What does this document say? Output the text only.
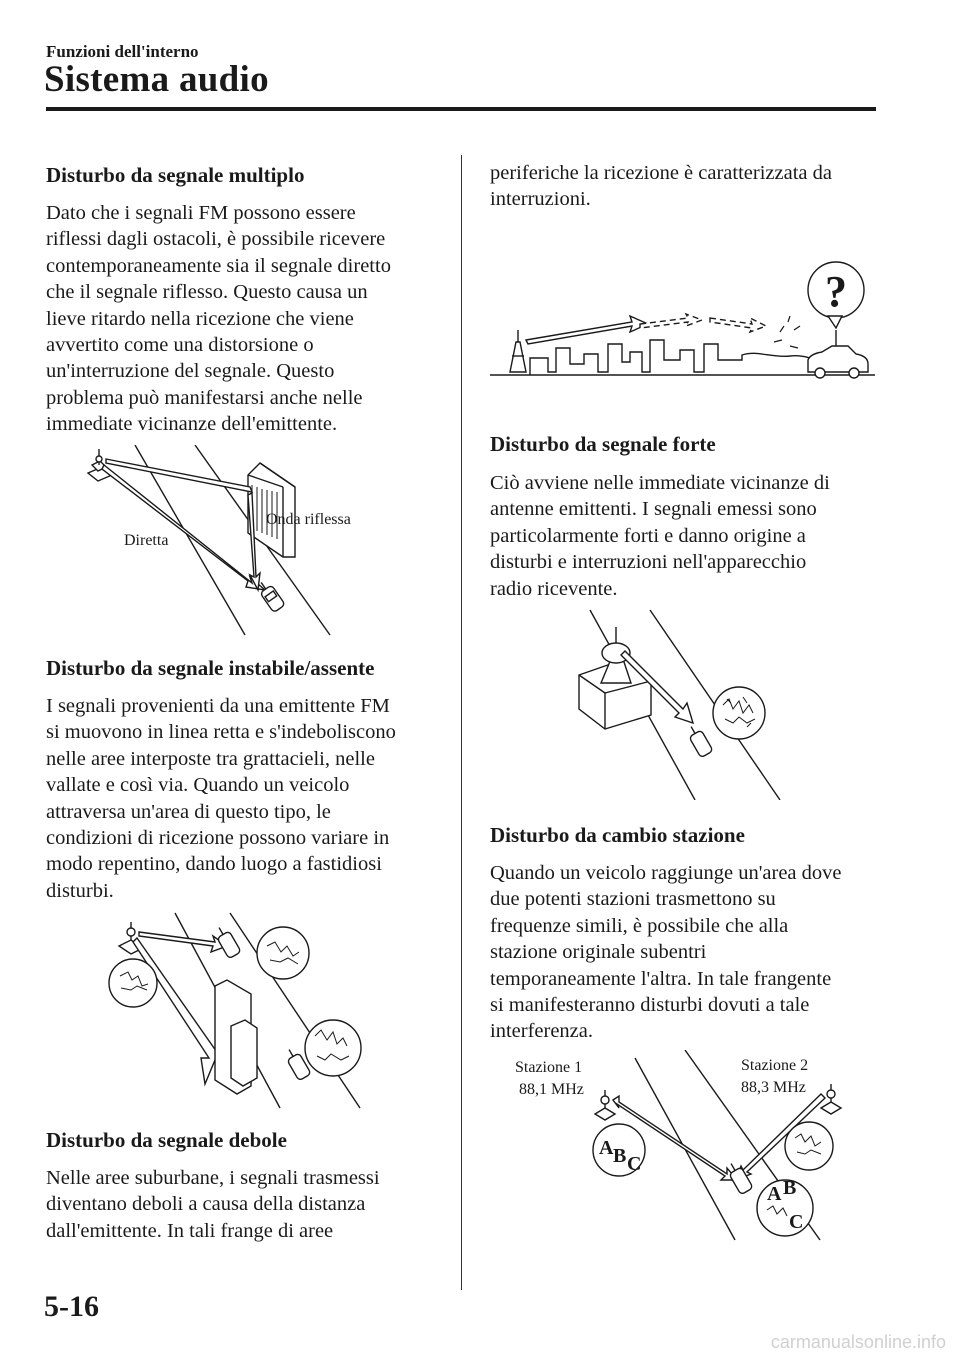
Funzioni dell'interno
Sistema audio
Disturbo da segnale multiplo
Dato che i segnali FM possono essere
riflessi dagli ostacoli, è possibile ricevere
contemporaneamente sia il segnale diretto
che il segnale riflesso. Questo causa un
lieve ritardo nella ricezione che viene
avvertito come una distorsione o
un'interruzione del segnale. Questo
problema può manifestarsi anche nelle
immediate vicinanze dell'emittente.
Diretta
Onda riflessa
Disturbo da segnale instabile/assente
I segnali provenienti da una emittente FM
si muovono in linea retta e s'indeboliscono
nelle aree interposte tra grattacieli, nelle
vallate e così via. Quando un veicolo
attraversa un'area di questo tipo, le
condizioni di ricezione possono variare in
modo repentino, dando luogo a fastidiosi
disturbi.
Disturbo da segnale debole
Nelle aree suburbane, i segnali trasmessi
diventano deboli a causa della distanza
dall'emittente. In tali frange di aree
periferiche la ricezione è caratterizzata da
interruzioni.
?
Disturbo da segnale forte
Ciò avviene nelle immediate vicinanze di
antenne emittenti. I segnali emessi sono
particolarmente forti e danno origine a
disturbi e interruzioni nell'apparecchio
radio ricevente.
Disturbo da cambio stazione
Quando un veicolo raggiunge un'area dove
due potenti stazioni trasmettono su
frequenze simili, è possibile che alla
stazione originale subentri
temporaneamente l'altra. In tale frangente
si manifesteranno disturbi dovuti a tale
interferenza.
Stazione 1
88,1 MHz
Stazione 2
88,3 MHz
A B C
A B
C
5-16
carmanualsonline.info
